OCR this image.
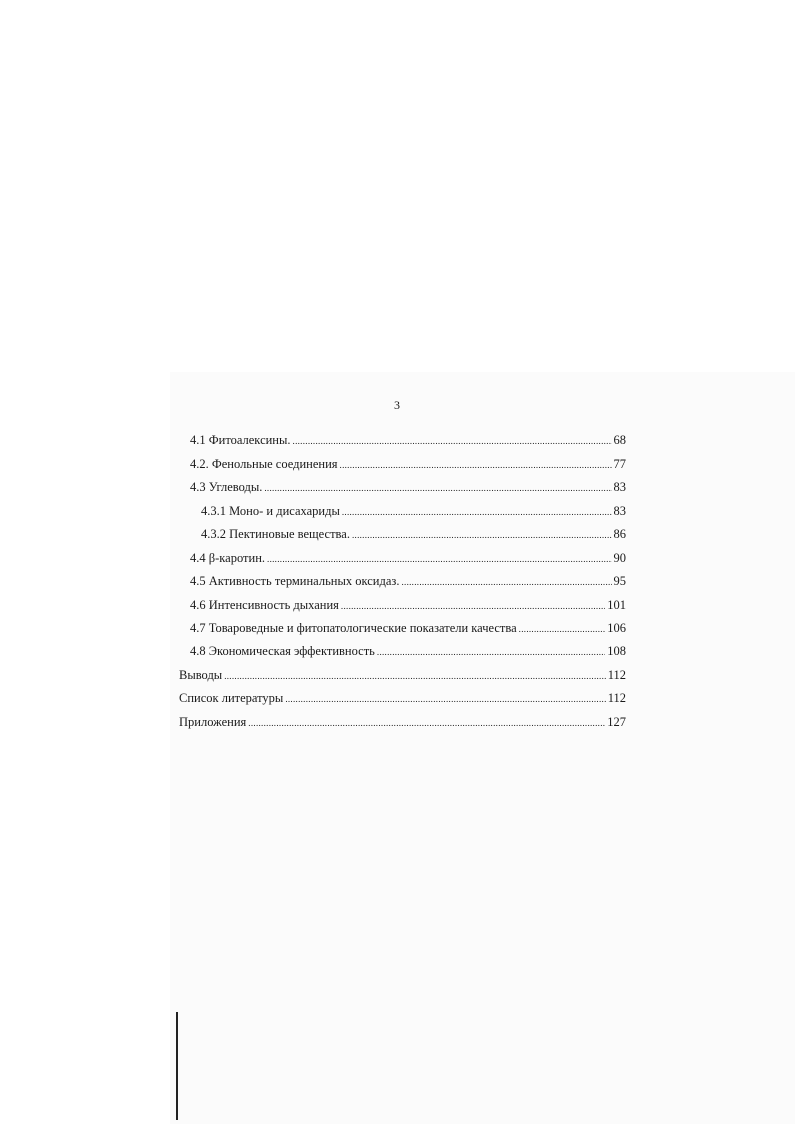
3
4.1 Фитоалексины. .....	68
4.2. Фенольные соединения .....	77
4.3 Углеводы. .....	83
4.3.1 Моно- и дисахариды .....	83
4.3.2 Пектиновые вещества. .....	86
4.4 β-каротин. .....	90
4.5 Активность терминальных оксидаз. .....	95
4.6 Интенсивность дыхания .....	101
4.7 Товароведные и фитопатологические показатели качества .....	106
4.8 Экономическая эффективность .....	108
Выводы .....	112
Список литературы .....	112
Приложения .....	127
